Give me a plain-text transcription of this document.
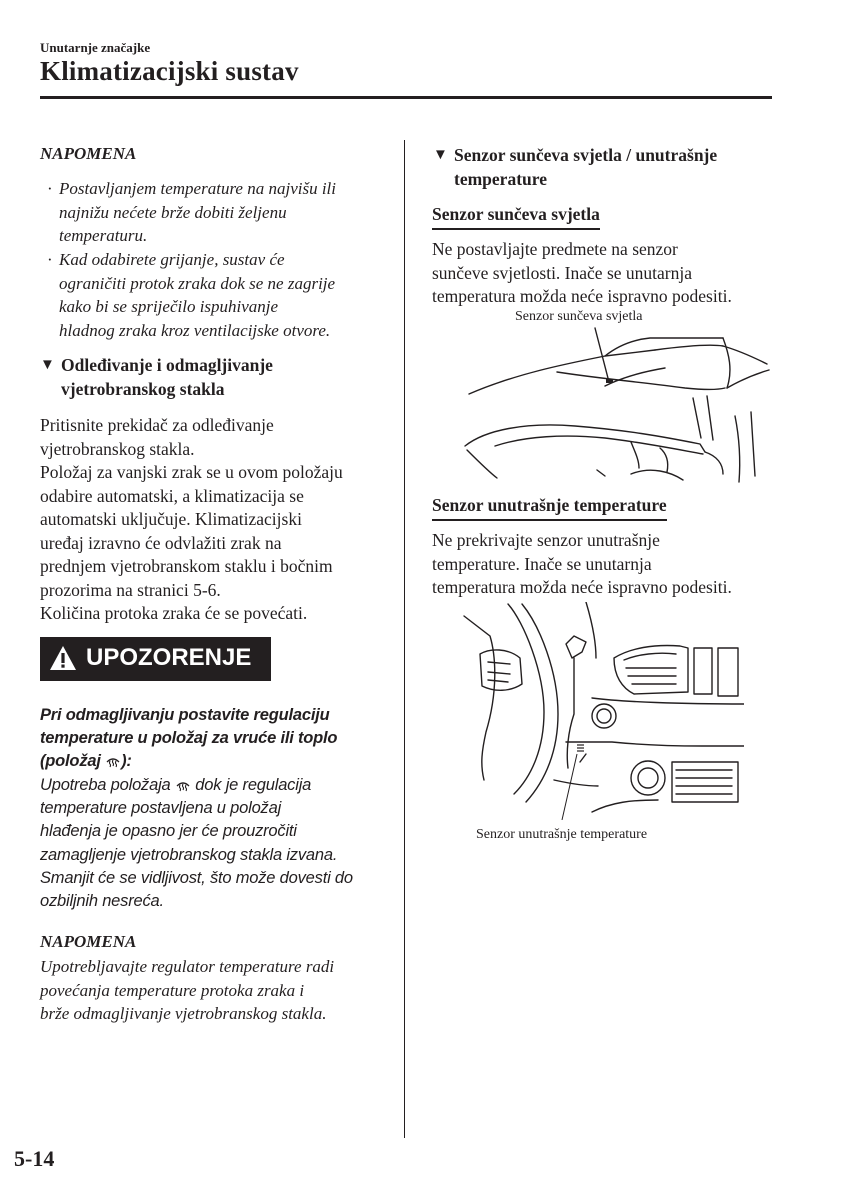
Unutarnje značajke
Klimatizacijski sustav
NAPOMENA
· Postavljanjem temperature na najvišu ili
najnižu nećete brže dobiti željenu
temperaturu.
· Kad odabirete grijanje, sustav će
ograničiti protok zraka dok se ne zagrije
kako bi se spriječilo ispuhivanje
hladnog zraka kroz ventilacijske otvore.
▼ Odleđivanje i odmagljivanje
vjetrobranskog stakla
Pritisnite prekidač za odleđivanje
vjetrobranskog stakla.
Položaj za vanjski zrak se u ovom položaju
odabire automatski, a klimatizacija se
automatski uključuje. Klimatizacijski
uređaj izravno će odvlažiti zrak na
prednjem vjetrobranskom staklu i bočnim
prozorima na stranici 5-6.
Količina protoka zraka će se povećati.
UPOZORENJE
Pri odmagljivanju postavite regulaciju
temperature u položaj za vruće ili toplo
(položaj ):
Upotreba položaja  dok je regulacija
temperature postavljena u položaj
hlađenja je opasno jer će prouzročiti
zamagljenje vjetrobranskog stakla izvana.
Smanjit će se vidljivost, što može dovesti do
ozbiljnih nesreća.
NAPOMENA
Upotrebljavajte regulator temperature radi
povećanja temperature protoka zraka i
brže odmagljivanje vjetrobranskog stakla.
▼ Senzor sunčeva svjetla / unutrašnje
temperature
Senzor sunčeva svjetla
Ne postavljajte predmete na senzor
sunčeve svjetlosti. Inače se unutarnja
temperatura možda neće ispravno podesiti.
Senzor sunčeva svjetla
Senzor unutrašnje temperature
Ne prekrivajte senzor unutrašnje
temperature. Inače se unutarnja
temperatura možda neće ispravno podesiti.
Senzor unutrašnje temperature
5-14
